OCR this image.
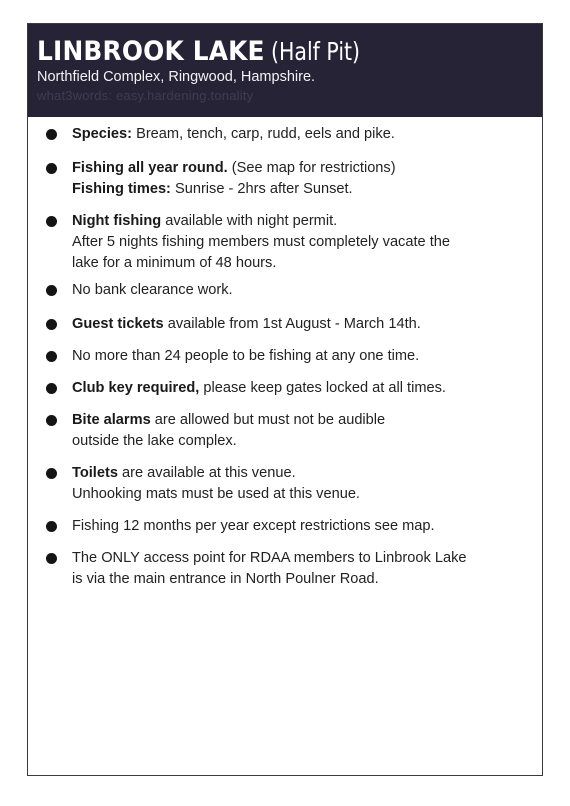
LINBROOK LAKE (Half Pit)
Northfield Complex, Ringwood, Hampshire.
what3words: easy.hardening.tonality
Species: Bream, tench, carp, rudd, eels and pike.
Fishing all year round. (See map for restrictions)
Fishing times: Sunrise - 2hrs after Sunset.
Night fishing available with night permit.
After 5 nights fishing members must completely vacate the
lake for a minimum of 48 hours.
No bank clearance work.
Guest tickets available from 1st August - March 14th.
No more than 24 people to be fishing at any one time.
Club key required, please keep gates locked at all times.
Bite alarms are allowed but must not be audible
outside the lake complex.
Toilets are available at this venue.
Unhooking mats must be used at this venue.
Fishing 12 months per year except restrictions see map.
The ONLY access point for RDAA members to Linbrook Lake
is via the main entrance in North Poulner Road.
